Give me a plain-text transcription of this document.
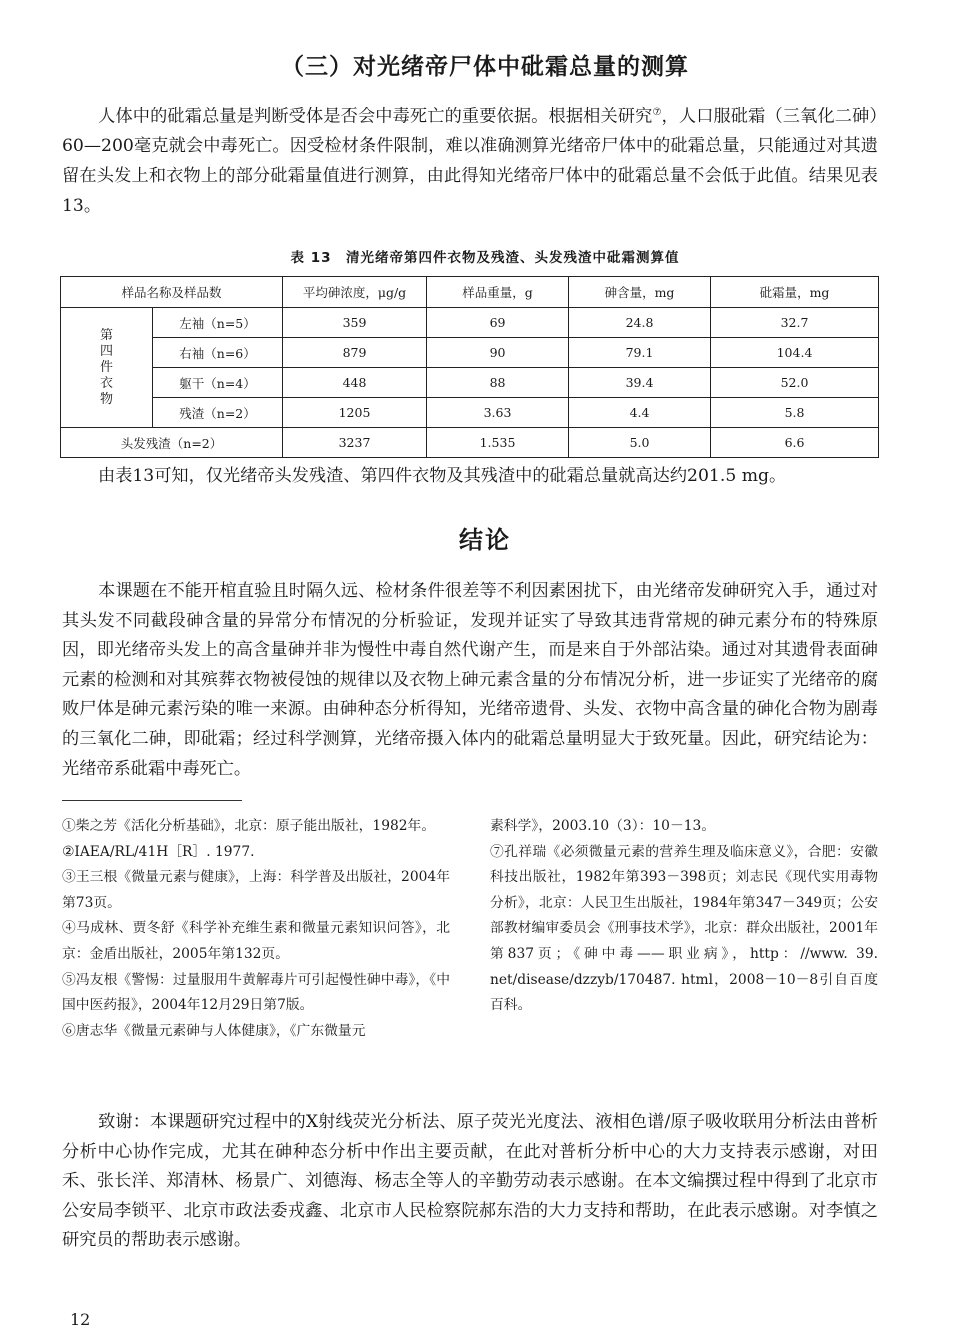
（三）对光绪帝尸体中砒霜总量的测算

人体中的砒霜总量是判断受体是否会中毒死亡的重要依据。根据相关研究⑦，人口服砒霜（三氧化二砷）60—200毫克就会中毒死亡。因受检材条件限制，难以准确测算光绪帝尸体中的砒霜总量，只能通过对其遗留在头发上和衣物上的部分砒霜量值进行测算，由此得知光绪帝尸体中的砒霜总量不会低于此值。结果见表13。

表 13　清光绪帝第四件衣物及残渣、头发残渣中砒霜测算值
样品名称及样品数		平均砷浓度，μg/g	样品重量，g	砷含量，mg	砒霜量，mg

第
四
件
衣
物	左袖（n=5）	359	69	24.8	32.7
	右袖（n=6）	879	90	79.1	104.4
	躯干（n=4）	448	88	39.4	52.0
	残渣（n=2）	1205	3.63	4.4	5.8
头发残渣（n=2）		3237	1.535	5.0	6.6

由表13可知，仅光绪帝头发残渣、第四件衣物及其残渣中的砒霜总量就高达约201.5 mg。

结论

本课题在不能开棺直验且时隔久远、检材条件很差等不利因素困扰下，由光绪帝发砷研究入手，通过对其头发不同截段砷含量的异常分布情况的分析验证，发现并证实了导致其违背常规的砷元素分布的特殊原因，即光绪帝头发上的高含量砷并非为慢性中毒自然代谢产生，而是来自于外部沾染。通过对其遗骨表面砷元素的检测和对其殡葬衣物被侵蚀的规律以及衣物上砷元素含量的分布情况分析，进一步证实了光绪帝的腐败尸体是砷元素污染的唯一来源。由砷种态分析得知，光绪帝遗骨、头发、衣物中高含量的砷化合物为剧毒的三氧化二砷，即砒霜；经过科学测算，光绪帝摄入体内的砒霜总量明显大于致死量。因此，研究结论为：光绪帝系砒霜中毒死亡。

①柴之芳《活化分析基础》，北京：原子能出版社，1982年。

②IAEA/RL/41H［R］. 1977.

③王三根《微量元素与健康》，上海：科学普及出版社，2004年第73页。

④马成林、贾冬舒《科学补充维生素和微量元素知识问答》，北京：金盾出版社，2005年第132页。

⑤冯友根《警惕：过量服用牛黄解毒片可引起慢性砷中毒》，《中国中医药报》，2004年12月29日第7版。

⑥唐志华《微量元素砷与人体健康》，《广东微量元

素科学》，2003.10（3）：10－13。

⑦孔祥瑞《必须微量元素的营养生理及临床意义》，合肥：安徽科技出版社，1982年第393－398页；刘志民《现代实用毒物分析》，北京：人民卫生出版社，1984年第347－349页；公安部教材编审委员会《刑事技术学》，北京：群众出版社，2001年第837页；《砷中毒——职业病》，http：//www. 39. net/disease/dzzyb/170487. html，2008－10－8引自百度百科。

致谢：本课题研究过程中的X射线荧光分析法、原子荧光光度法、液相色谱/原子吸收联用分析法由普析分析中心协作完成，尤其在砷种态分析中作出主要贡献，在此对普析分析中心的大力支持表示感谢，对田禾、张长洋、郑清林、杨景广、刘德海、杨志全等人的辛勤劳动表示感谢。在本文编撰过程中得到了北京市公安局李锁平、北京市政法委戎鑫、北京市人民检察院郝东浩的大力支持和帮助，在此表示感谢。对李慎之研究员的帮助表示感谢。

12
